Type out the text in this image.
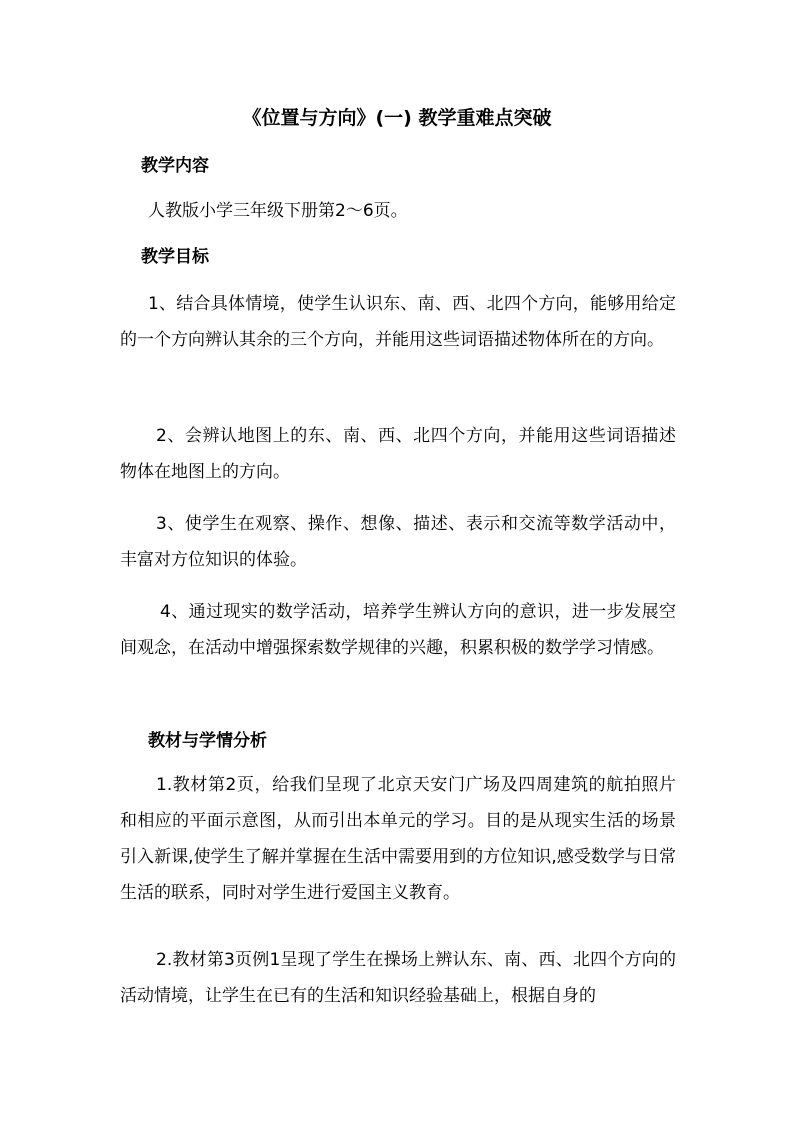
《位置与方向》(一) 教学重难点突破
教学内容
人教版小学三年级下册第2～6页。
教学目标
1、结合具体情境，使学生认识东、南、西、北四个方向，能够用给定的一个方向辨认其余的三个方向，并能用这些词语描述物体所在的方向。
2、会辨认地图上的东、南、西、北四个方向，并能用这些词语描述物体在地图上的方向。
3、使学生在观察、操作、想像、描述、表示和交流等数学活动中，丰富对方位知识的体验。
4、通过现实的数学活动，培养学生辨认方向的意识，进一步发展空间观念，在活动中增强探索数学规律的兴趣，积累积极的数学学习情感。
教材与学情分析
1.教材第2页，给我们呈现了北京天安门广场及四周建筑的航拍照片和相应的平面示意图，从而引出本单元的学习。目的是从现实生活的场景引入新课,使学生了解并掌握在生活中需要用到的方位知识,感受数学与日常生活的联系，同时对学生进行爱国主义教育。
2.教材第3页例1呈现了学生在操场上辨认东、南、西、北四个方向的活动情境，让学生在已有的生活和知识经验基础上，根据自身的
